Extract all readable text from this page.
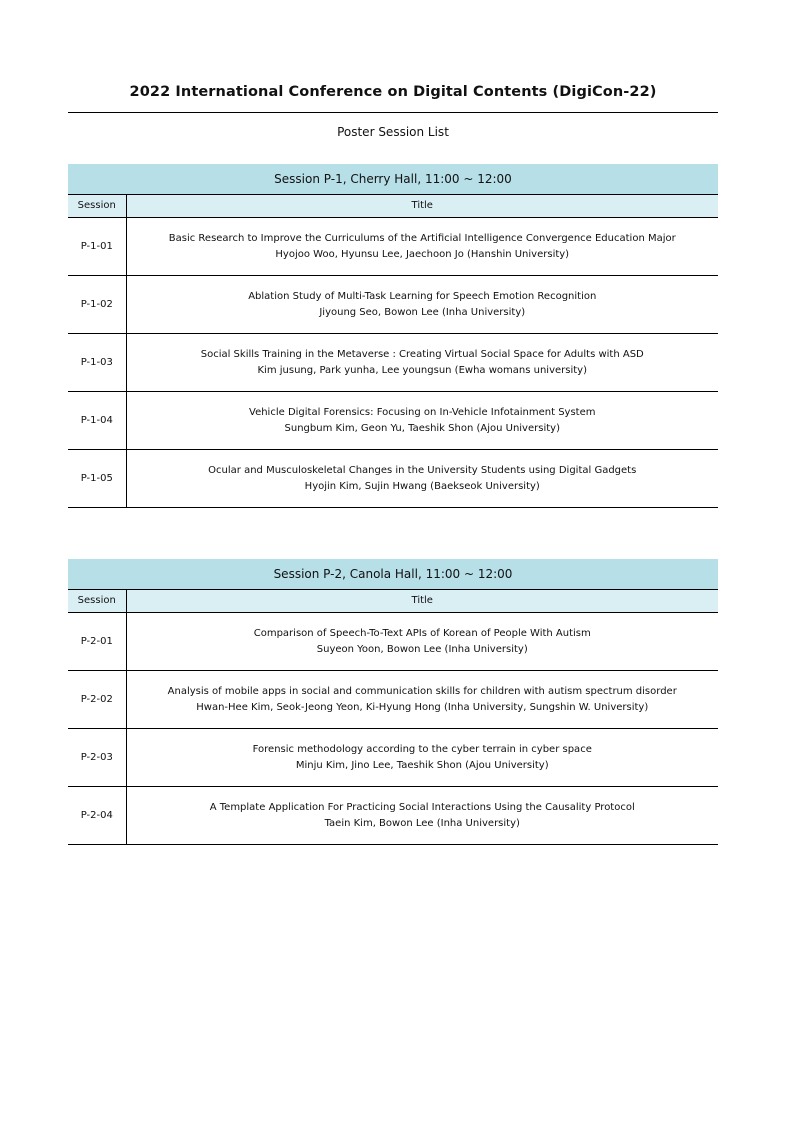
2022 International Conference on Digital Contents (DigiCon-22)

Poster Session List

Session P-1, Cherry Hall, 11:00 ~ 12:00	
Session	Title
P-1-01	Basic Research to Improve the Curriculums of the Artificial Intelligence Convergence Education Major
Hyojoo Woo, Hyunsu Lee, Jaechoon Jo (Hanshin University)

P-1-02	Ablation Study of Multi-Task Learning for Speech Emotion Recognition
Jiyoung Seo, Bowon Lee (Inha University)

P-1-03	Social Skills Training in the Metaverse : Creating Virtual Social Space for Adults with ASD
Kim jusung, Park yunha, Lee youngsun (Ewha womans university)

P-1-04	Vehicle Digital Forensics: Focusing on In-Vehicle Infotainment System
Sungbum Kim, Geon Yu, Taeshik Shon (Ajou University)

P-1-05	Ocular and Musculoskeletal Changes in the University Students using Digital Gadgets
Hyojin Kim, Sujin Hwang (Baekseok University)
Session P-2, Canola Hall, 11:00 ~ 12:00	
Session	Title
P-2-01	Comparison of Speech-To-Text APIs of Korean of People With Autism
Suyeon Yoon, Bowon Lee (Inha University)

P-2-02	Analysis of mobile apps in social and communication skills for children with autism spectrum disorder
Hwan-Hee Kim, Seok-Jeong Yeon, Ki-Hyung Hong (Inha University, Sungshin W. University)

P-2-03	Forensic methodology according to the cyber terrain in cyber space
Minju Kim, Jino Lee, Taeshik Shon (Ajou University)

P-2-04	A Template Application For Practicing Social Interactions Using the Causality Protocol
Taein Kim, Bowon Lee (Inha University)
